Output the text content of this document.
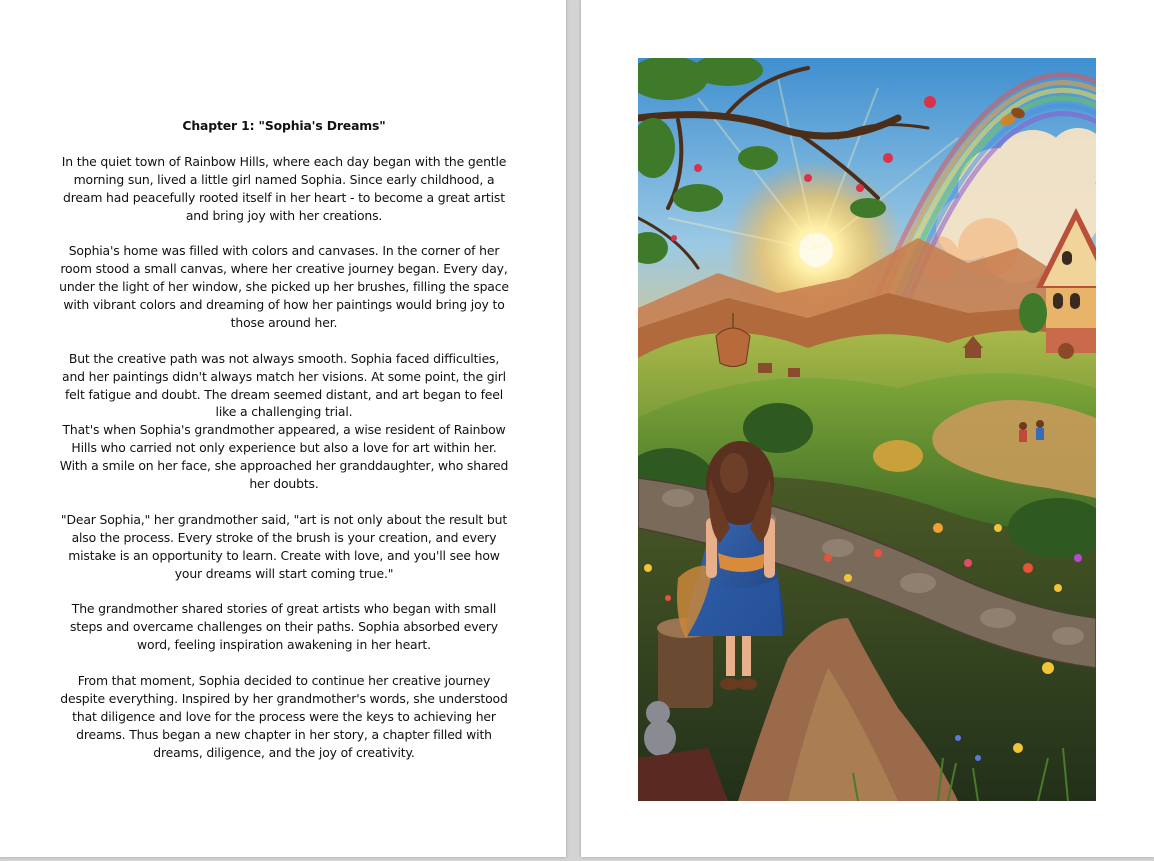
Chapter 1: "Sophia's Dreams"
In the quiet town of Rainbow Hills, where each day began with the gentle morning sun, lived a little girl named Sophia. Since early childhood, a dream had peacefully rooted itself in her heart - to become a great artist and bring joy with her creations.
Sophia's home was filled with colors and canvases. In the corner of her room stood a small canvas, where her creative journey began. Every day, under the light of her window, she picked up her brushes, filling the space with vibrant colors and dreaming of how her paintings would bring joy to those around her.
But the creative path was not always smooth. Sophia faced difficulties, and her paintings didn't always match her visions. At some point, the girl felt fatigue and doubt. The dream seemed distant, and art began to feel like a challenging trial.
That's when Sophia's grandmother appeared, a wise resident of Rainbow Hills who carried not only experience but also a love for art within her. With a smile on her face, she approached her granddaughter, who shared her doubts.
"Dear Sophia," her grandmother said, "art is not only about the result but also the process. Every stroke of the brush is your creation, and every mistake is an opportunity to learn. Create with love, and you'll see how your dreams will start coming true."
The grandmother shared stories of great artists who began with small steps and overcame challenges on their paths. Sophia absorbed every word, feeling inspiration awakening in her heart.
From that moment, Sophia decided to continue her creative journey despite everything. Inspired by her grandmother's words, she understood that diligence and love for the process were the keys to achieving her dreams. Thus began a new chapter in her story, a chapter filled with dreams, diligence, and the joy of creativity.
